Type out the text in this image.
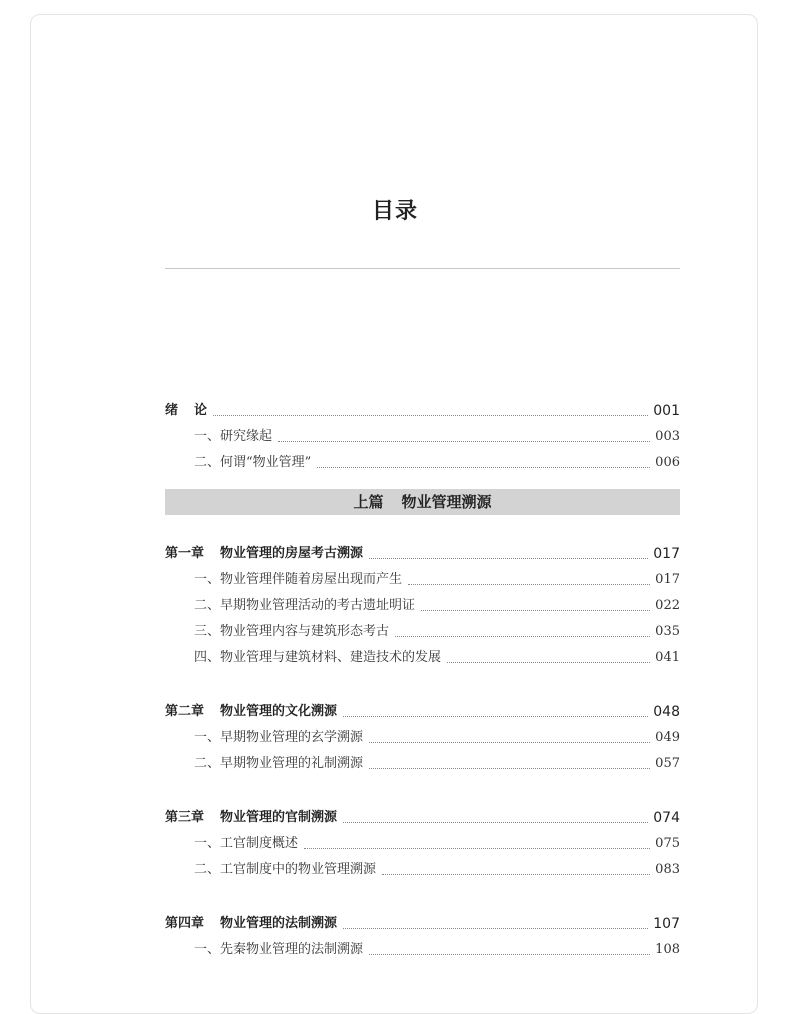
目录
绪 论	001
一、研究缘起	003
二、何谓“物业管理”	006
上篇 物业管理溯源
第一章 物业管理的房屋考古溯源	017
一、物业管理伴随着房屋出现而产生	017
二、早期物业管理活动的考古遗址明证	022
三、物业管理内容与建筑形态考古	035
四、物业管理与建筑材料、建造技术的发展	041
第二章 物业管理的文化溯源	048
一、早期物业管理的玄学溯源	049
二、早期物业管理的礼制溯源	057
第三章 物业管理的官制溯源	074
一、工官制度概述	075
二、工官制度中的物业管理溯源	083
第四章 物业管理的法制溯源	107
一、先秦物业管理的法制溯源	108
